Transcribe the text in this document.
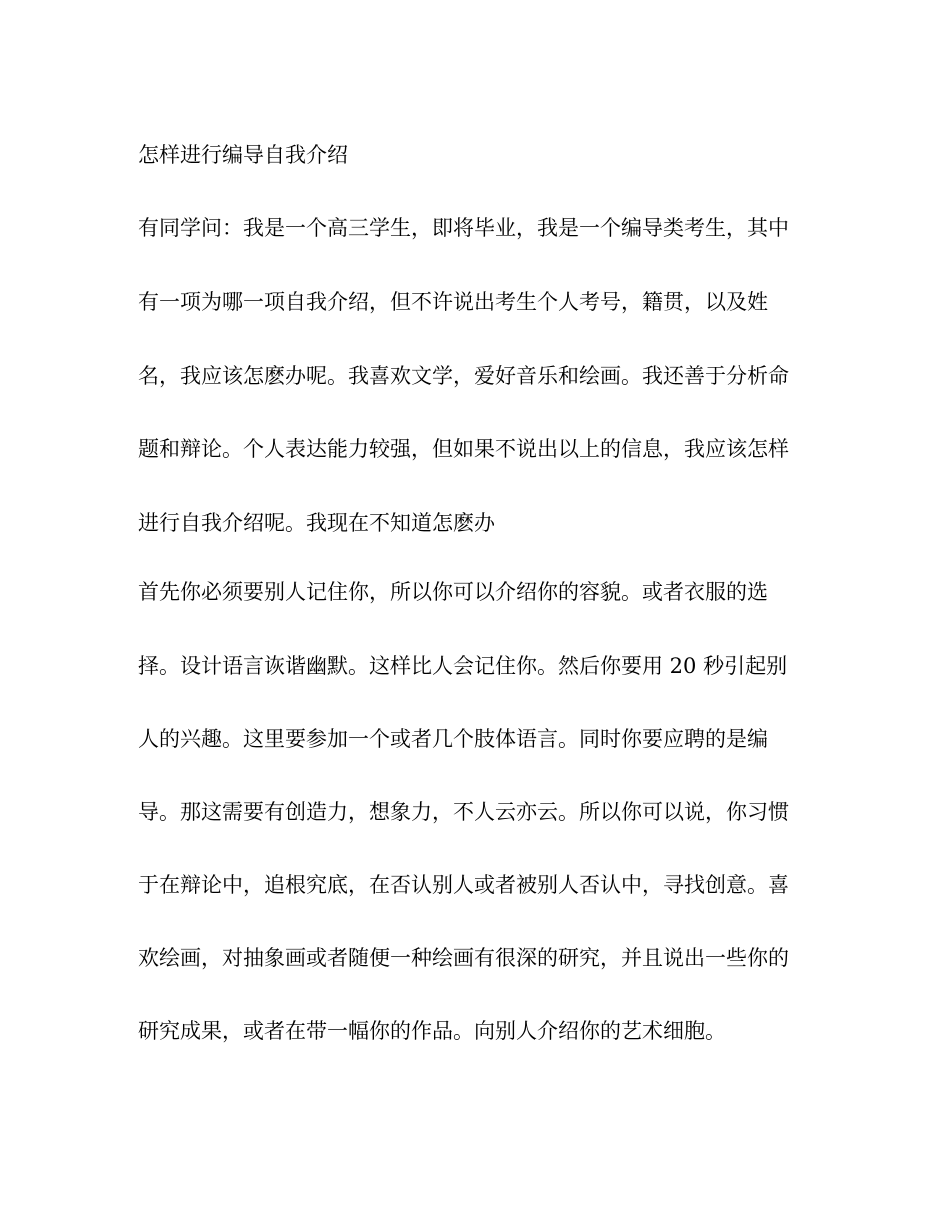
怎样进行编导自我介绍
有同学问：我是一个高三学生，即将毕业，我是一个编导类考生，其中
有一项为哪一项自我介绍，但不许说出考生个人考号，籍贯，以及姓
名，我应该怎麽办呢。我喜欢文学，爱好音乐和绘画。我还善于分析命
题和辩论。个人表达能力较强，但如果不说出以上的信息，我应该怎样
进行自我介绍呢。我现在不知道怎麽办
首先你必须要别人记住你，所以你可以介绍你的容貌。或者衣服的选
择。设计语言诙谐幽默。这样比人会记住你。然后你要用 20 秒引起别
人的兴趣。这里要参加一个或者几个肢体语言。同时你要应聘的是编
导。那这需要有创造力，想象力，不人云亦云。所以你可以说，你习惯
于在辩论中，追根究底，在否认别人或者被别人否认中，寻找创意。喜
欢绘画，对抽象画或者随便一种绘画有很深的研究，并且说出一些你的
研究成果，或者在带一幅你的作品。向别人介绍你的艺术细胞。
